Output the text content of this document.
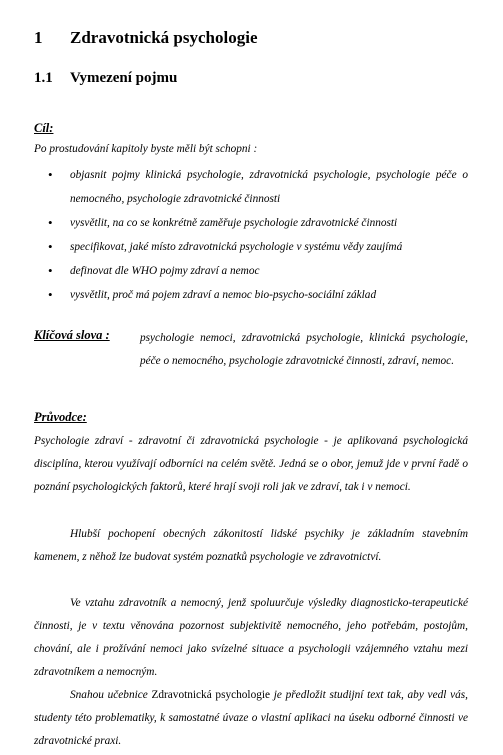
1 Zdravotnická psychologie
1.1 Vymezení pojmu
Cíl:
Po prostudování kapitoly byste měli být schopni :
• objasnit pojmy klinická psychologie, zdravotnická psychologie, psychologie péče o nemocného, psychologie zdravotnické činnosti
• vysvětlit, na co se konkrétně zaměřuje psychologie zdravotnické činnosti
• specifikovat, jaké místo zdravotnická psychologie v systému vědy zaujímá
• definovat dle WHO pojmy zdraví a nemoc
• vysvětlit, proč má pojem zdraví a nemoc bio-psycho-sociální základ
Klíčová slova :	psychologie nemoci, zdravotnická psychologie, klinická psychologie, péče o nemocného, psychologie zdravotnické činnosti, zdraví, nemoc.
Průvodce:

Psychologie zdraví - zdravotní či zdravotnická psychologie - je aplikovaná psychologická disciplína, kterou využívají odborníci na celém světě. Jedná se o obor, jemuž jde v první řadě o poznání psychologických faktorů, které hrají svoji roli jak ve zdraví, tak i v nemoci.

Hlubší pochopení obecných zákonitostí lidské psychiky je základním stavebním kamenem, z něhož lze budovat systém poznatků psychologie ve zdravotnictví.

Ve vztahu zdravotník a nemocný, jenž spoluurčuje výsledky diagnosticko-terapeutické činnosti, je v textu věnována pozornost subjektivitě nemocného, jeho potřebám, postojům, chování, ale i prožívání nemoci jako svízelné situace a psychologii vzájemného vztahu mezi zdravotníkem a nemocným.

Snahou učebnice Zdravotnická psychologie je předložit studijní text tak, aby vedl vás, studenty této problematiky, k samostatné úvaze o vlastní aplikaci na úseku odborné činnosti ve zdravotnické praxi.
